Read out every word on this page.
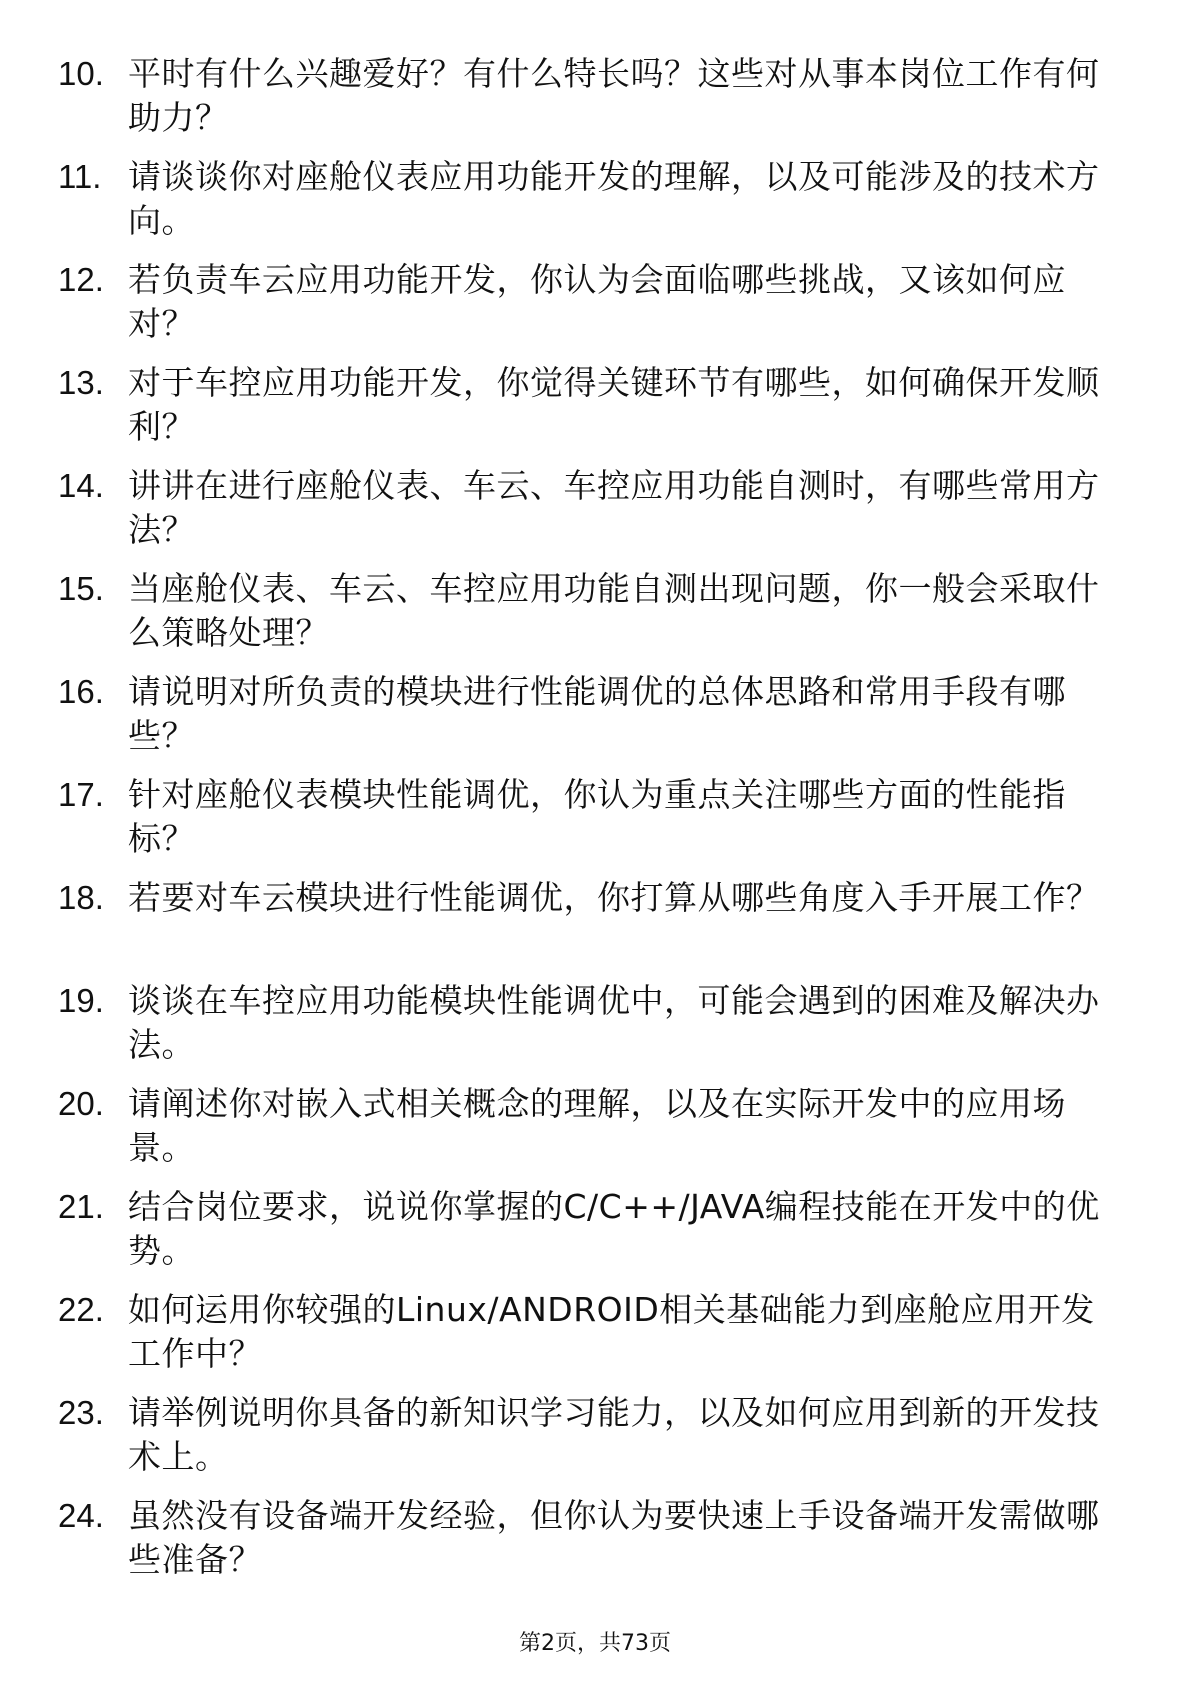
10. 平时有什么兴趣爱好？有什么特长吗？这些对从事本岗位工作有何助力？
11. 请谈谈你对座舱仪表应用功能开发的理解，以及可能涉及的技术方向。
12. 若负责车云应用功能开发，你认为会面临哪些挑战，又该如何应对？
13. 对于车控应用功能开发，你觉得关键环节有哪些，如何确保开发顺利？
14. 讲讲在进行座舱仪表、车云、车控应用功能自测时，有哪些常用方法？
15. 当座舱仪表、车云、车控应用功能自测出现问题，你一般会采取什么策略处理？
16. 请说明对所负责的模块进行性能调优的总体思路和常用手段有哪些？
17. 针对座舱仪表模块性能调优，你认为重点关注哪些方面的性能指标？
18. 若要对车云模块进行性能调优，你打算从哪些角度入手开展工作？
19. 谈谈在车控应用功能模块性能调优中，可能会遇到的困难及解决办法。
20. 请阐述你对嵌入式相关概念的理解，以及在实际开发中的应用场景。
21. 结合岗位要求，说说你掌握的C/C++/JAVA编程技能在开发中的优势。
22. 如何运用你较强的Linux/ANDROID相关基础能力到座舱应用开发工作中？
23. 请举例说明你具备的新知识学习能力，以及如何应用到新的开发技术上。
24. 虽然没有设备端开发经验，但你认为要快速上手设备端开发需做哪些准备？
第2页，共73页
